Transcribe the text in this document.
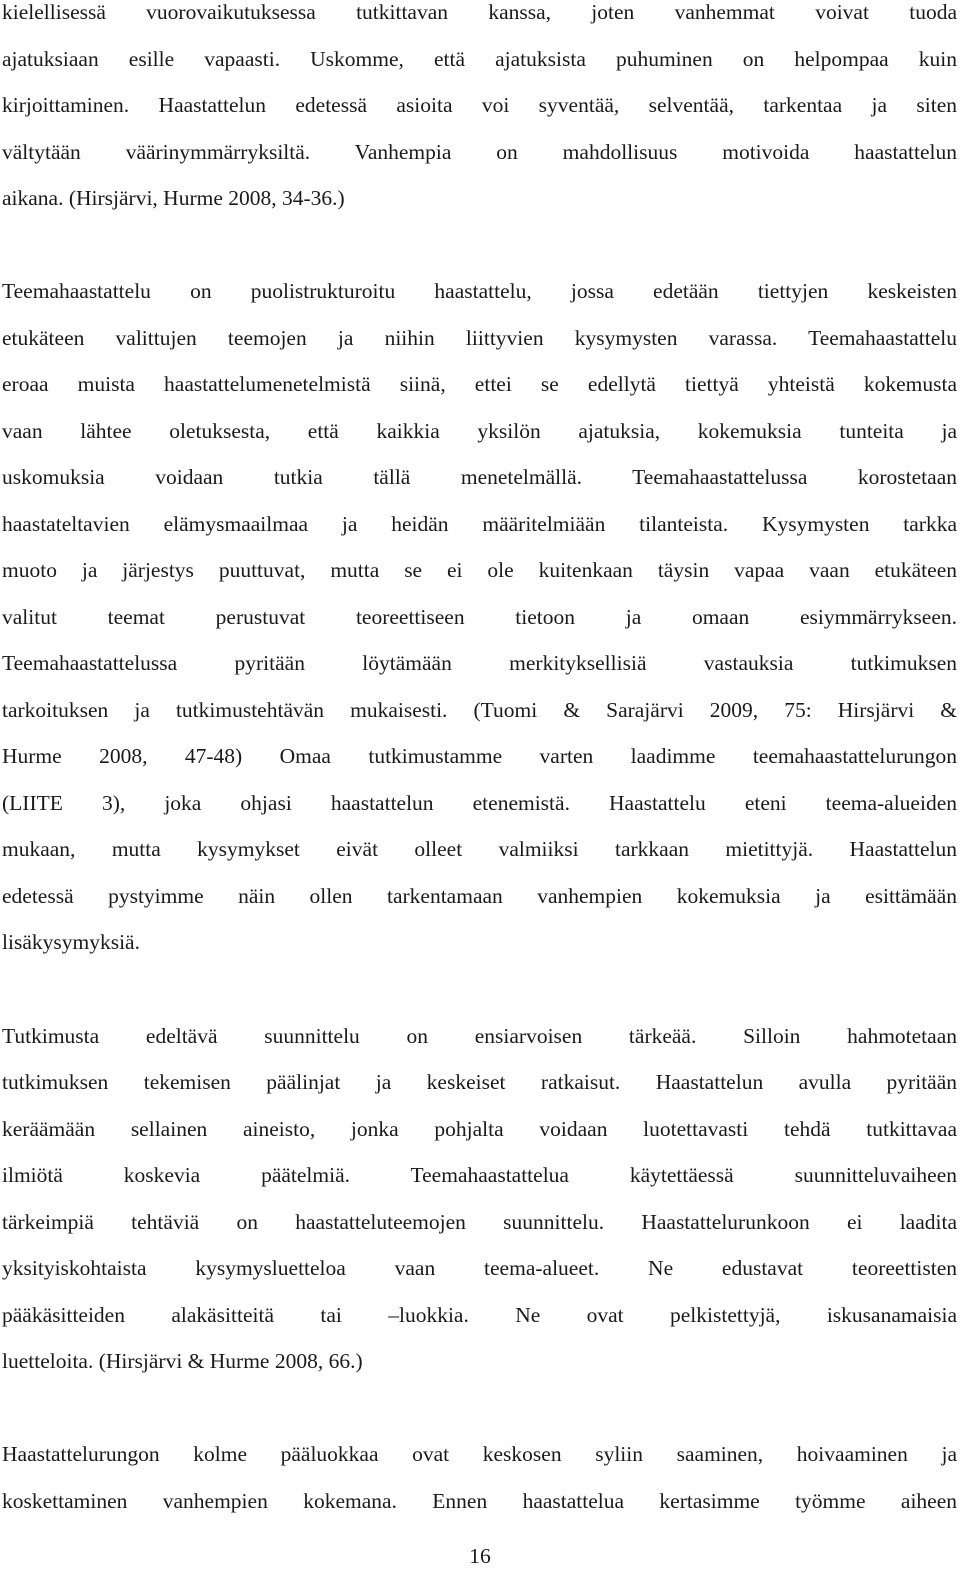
kielellisessä vuorovaikutuksessa tutkittavan kanssa, joten vanhemmat voivat tuoda
ajatuksiaan esille vapaasti. Uskomme, että ajatuksista puhuminen on helpompaa kuin
kirjoittaminen. Haastattelun edetessä asioita voi syventää, selventää, tarkentaa ja siten
vältytään väärinymmärryksiltä. Vanhempia on mahdollisuus motivoida haastattelun
aikana. (Hirsjärvi, Hurme 2008, 34-36.)
Teemahaastattelu on puolistrukturoitu haastattelu, jossa edetään tiettyjen keskeisten
etukäteen valittujen teemojen ja niihin liittyvien kysymysten varassa. Teemahaastattelu
eroaa muista haastattelumenetelmistä siinä, ettei se edellytä tiettyä yhteistä kokemusta
vaan lähtee oletuksesta, että kaikkia yksilön ajatuksia, kokemuksia tunteita ja
uskomuksia voidaan tutkia tällä menetelmällä. Teemahaastattelussa korostetaan
haastateltavien elämysmaailmaa ja heidän määritelmiään tilanteista. Kysymysten tarkka
muoto ja järjestys puuttuvat, mutta se ei ole kuitenkaan täysin vapaa vaan etukäteen
valitut teemat perustuvat teoreettiseen tietoon ja omaan esiymmärrykseen.
Teemahaastattelussa pyritään löytämään merkityksellisiä vastauksia tutkimuksen
tarkoituksen ja tutkimustehtävän mukaisesti. (Tuomi & Sarajärvi 2009, 75: Hirsjärvi &
Hurme 2008, 47-48) Omaa tutkimustamme varten laadimme teemahaastattelurungon
(LIITE 3), joka ohjasi haastattelun etenemistä. Haastattelu eteni teema-alueiden
mukaan, mutta kysymykset eivät olleet valmiiksi tarkkaan mietittyjä. Haastattelun
edetessä pystyimme näin ollen tarkentamaan vanhempien kokemuksia ja esittämään
lisäkysymyksiä.
Tutkimusta edeltävä suunnittelu on ensiarvoisen tärkeää. Silloin hahmotetaan
tutkimuksen tekemisen päälinjat ja keskeiset ratkaisut. Haastattelun avulla pyritään
keräämään sellainen aineisto, jonka pohjalta voidaan luotettavasti tehdä tutkittavaa
ilmiötä koskevia päätelmiä. Teemahaastattelua käytettäessä suunnitteluvaiheen
tärkeimpiä tehtäviä on haastatteluteemojen suunnittelu. Haastattelurunkoon ei laadita
yksityiskohtaista kysymysluetteloa vaan teema-alueet. Ne edustavat teoreettisten
pääkäsitteiden alakäsitteitä tai –luokkia. Ne ovat pelkistettyjä, iskusanamaisia
luetteloita. (Hirsjärvi & Hurme 2008, 66.)
Haastattelurungon kolme pääluokkaa ovat keskosen syliin saaminen, hoivaaminen ja
koskettaminen vanhempien kokemana. Ennen haastattelua kertasimme työmme aiheen
16
